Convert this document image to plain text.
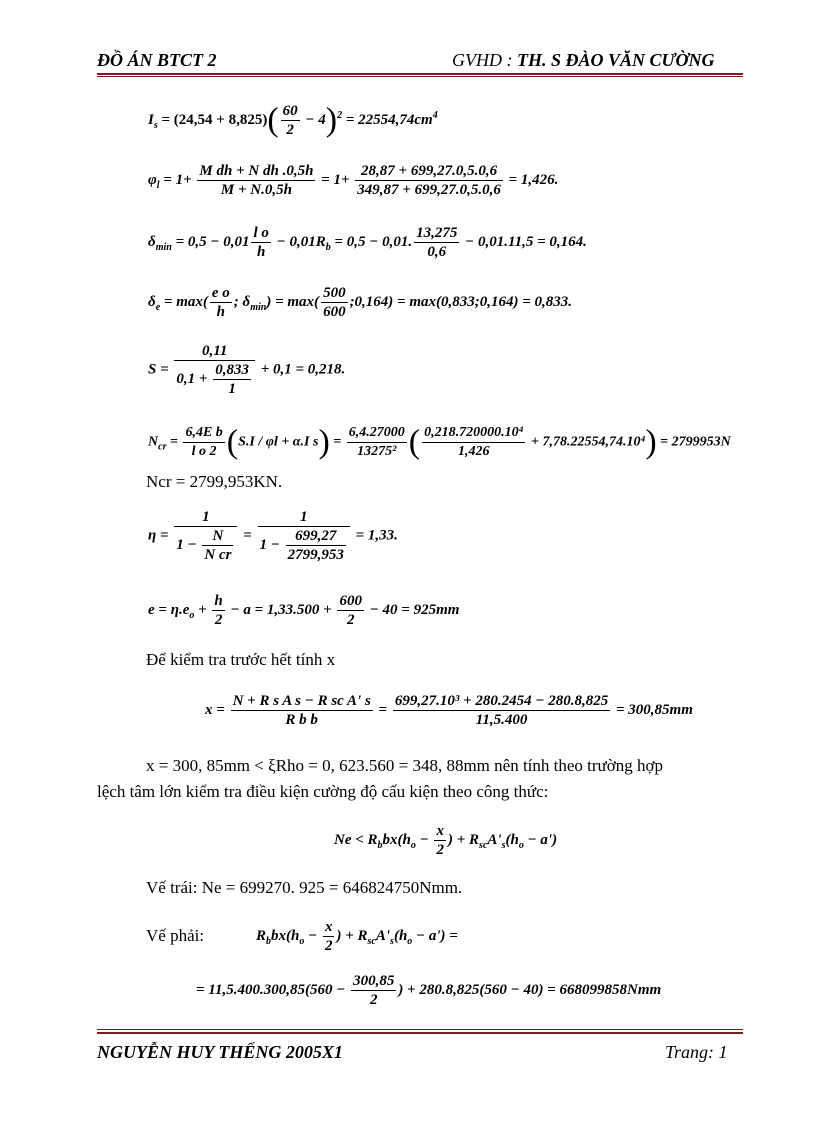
ĐỒ ÁN BTCT 2	GVHD : TH. S ĐÀO VĂN CƯỜNG
$I_s = (24,54 + 8,825)( \frac{60}{2} - 4)^2 = 22554,74cm^4$
$\varphi_l = 1+ \frac{\text{M dh + N dh .0,5h}}{M + N.0,5h} = 1+ \frac{28,87 + 699,27.0,5.0,6}{349,87 + 699,27.0,5.0,6} = 1,426$.
$\delta_{min} = 0,5 - 0,01 \frac{\text{l o}}{h} - 0,01R_b = 0,5 - 0,01$. $\frac{13,275}{0,6} - 0,01.11,5 = 0,164$.
$\delta_e = \max( \frac{\text{e o}}{h}$ ; $\delta_{min}) = \max( \frac{500}{600}$ ;0,164) = max(0,833;0,164) = 0,833.
$S = \frac{0,11}{0,1 + \frac{0,833}{1}} + 0,1 = 0,218$.
$N_{cr} = \frac{\text{6,4E b}}{\text{l o 2}} (S.I / \varphi l + \alpha.I$ $s) = \frac{6,4.27000}{\text{13275²}}$ ( $\frac{\text{0,218.720000.10⁴}}{1,426} + 7,78.22554,74.10^4) = 2799953N$
Ncr = 2799,953KN.
$\eta = \frac{1}{1 - \frac{N}{\text{N cr}}} = \frac{1}{1 - \frac{699,27}{2799,953}} = 1,33$.
$e = \eta.e_o + \frac{h}{2} - a = 1,33.500 + \frac{600}{2} - 40 = 925mm$
Để kiểm tra trước hết tính x
$x = \frac{\text{N + R s A s − R sc A' s}}{\text{R b b}} = \frac{\text{699,27.10³ + 280.2454 − 280.8,825}}{11,5.400} = 300,85mm$
x = 300, 85mm < ξRho = 0, 623.560 = 348, 88mm nên tính theo trường hợp
lệch tâm lớn kiểm tra điều kiện cường độ cấu kiện theo công thức:
$Ne < R_bbx(h_o - \frac{x}{2}$ ) + $R_{sc}A'_s(h_o - a')$
Vế trái: Ne = 699270. 925 = 646824750Nmm.
Vế phải:	$R_bbx(h_o - \frac{x}{2}$ ) + $R_{sc}A'_s(h_o - a')$ =
= $11,5.400.300,85(560 - \frac{300,85}{2}$ ) + 280.8,825(560 − 40) = 668099858Nmm
NGUYỄN HUY THẾNG 2005X1	Trang: 1
